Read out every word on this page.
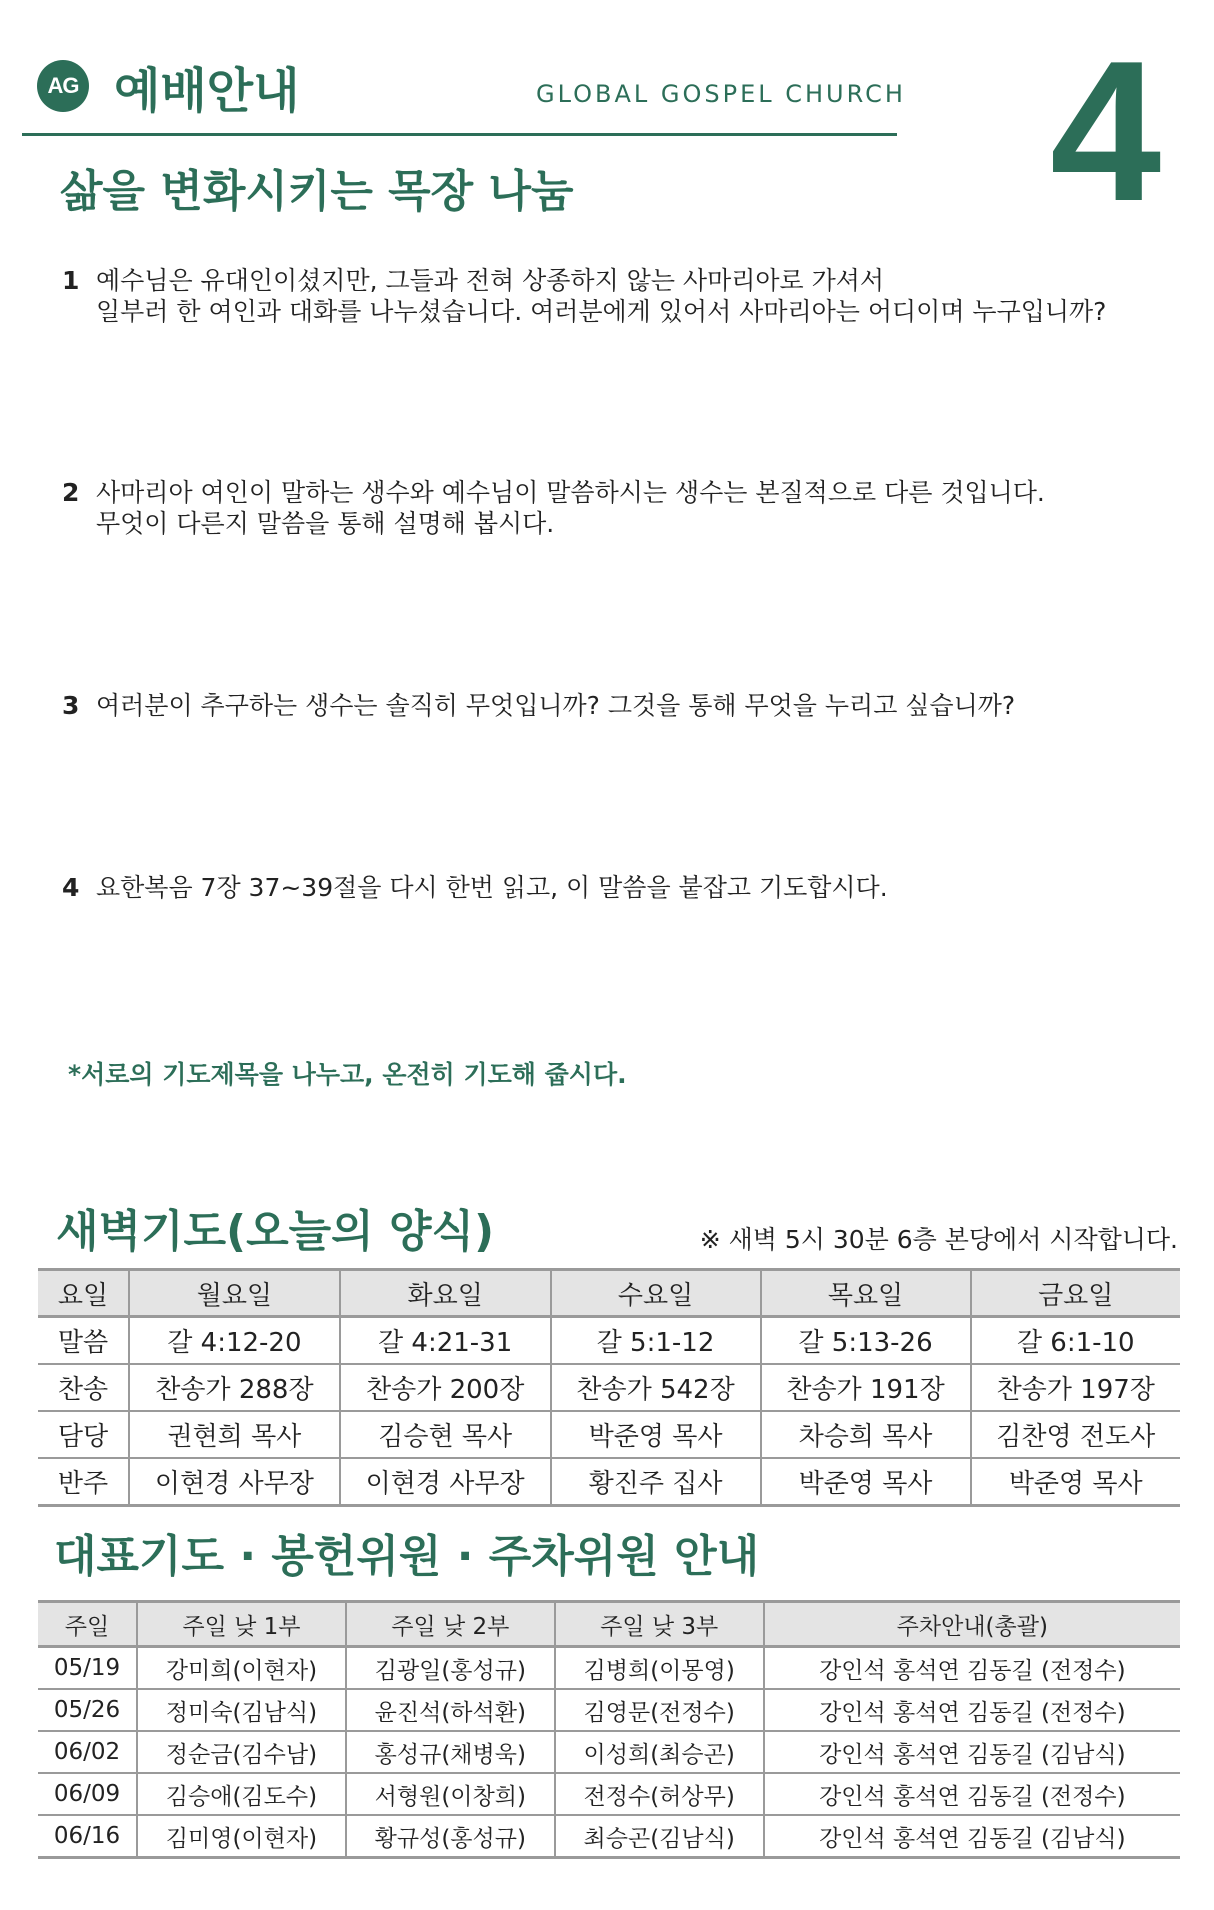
AG 예배안내	GLOBAL GOSPEL CHURCH 4
삶을 변화시키는 목장 나눔
1 예수님은 유대인이셨지만, 그들과 전혀 상종하지 않는 사마리아로 가셔서
일부러 한 여인과 대화를 나누셨습니다. 여러분에게 있어서 사마리아는 어디이며 누구입니까?
2 사마리아 여인이 말하는 생수와 예수님이 말씀하시는 생수는 본질적으로 다른 것입니다.
무엇이 다른지 말씀을 통해 설명해 봅시다.
3 여러분이 추구하는 생수는 솔직히 무엇입니까? 그것을 통해 무엇을 누리고 싶습니까?
4 요한복음 7장 37~39절을 다시 한번 읽고, 이 말씀을 붙잡고 기도합시다.
*서로의 기도제목을 나누고, 온전히 기도해 줍시다.
새벽기도(오늘의 양식)	※ 새벽 5시 30분 6층 본당에서 시작합니다.
요일	월요일	화요일	수요일	목요일	금요일
말씀	갈 4:12-20	갈 4:21-31	갈 5:1-12	갈 5:13-26	갈 6:1-10
찬송	찬송가 288장	찬송가 200장	찬송가 542장	찬송가 191장	찬송가 197장
담당	권현희 목사	김승현 목사	박준영 목사	차승희 목사	김찬영 전도사
반주	이현경 사무장	이현경 사무장	황진주 집사	박준영 목사	박준영 목사
대표기도 · 봉헌위원 · 주차위원 안내
주일	주일 낮 1부	주일 낮 2부	주일 낮 3부	주차안내(총괄)
05/19	강미희(이현자)	김광일(홍성규)	김병희(이몽영)	강인석 홍석연 김동길 (전정수)
05/26	정미숙(김남식)	윤진석(하석환)	김영문(전정수)	강인석 홍석연 김동길 (전정수)
06/02	정순금(김수남)	홍성규(채병욱)	이성희(최승곤)	강인석 홍석연 김동길 (김남식)
06/09	김승애(김도수)	서형원(이창희)	전정수(허상무)	강인석 홍석연 김동길 (전정수)
06/16	김미영(이현자)	황규성(홍성규)	최승곤(김남식)	강인석 홍석연 김동길 (김남식)
